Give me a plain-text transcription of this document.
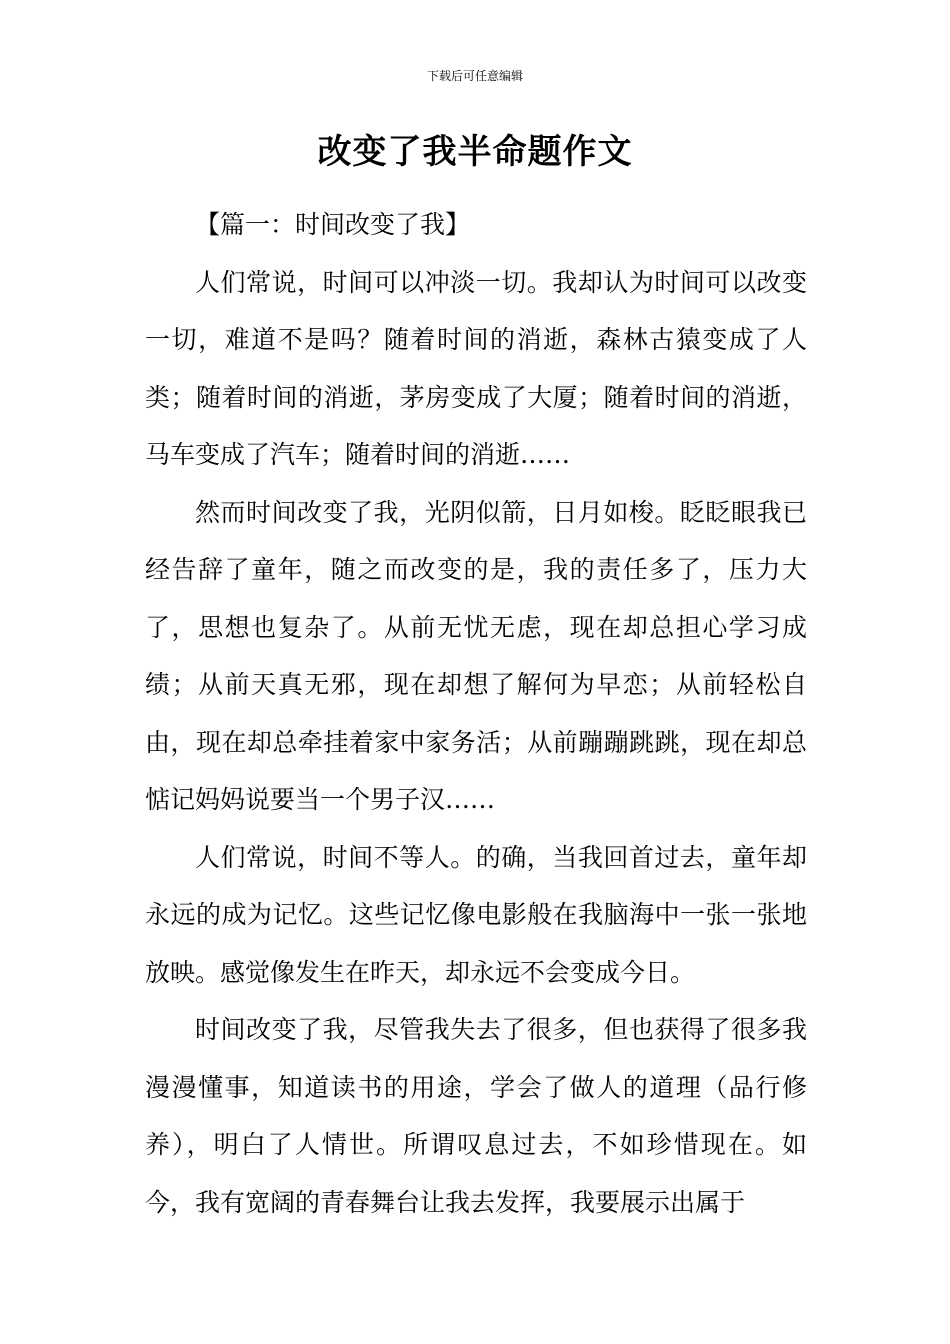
下载后可任意编辑
改变了我半命题作文

【篇一：时间改变了我】

人们常说，时间可以冲淡一切。我却认为时间可以改变一切，难道不是吗？随着时间的消逝，森林古猿变成了人类；随着时间的消逝，茅房变成了大厦；随着时间的消逝，马车变成了汽车；随着时间的消逝……

然而时间改变了我，光阴似箭，日月如梭。眨眨眼我已经告辞了童年，随之而改变的是，我的责任多了，压力大了，思想也复杂了。从前无忧无虑，现在却总担心学习成绩；从前天真无邪，现在却想了解何为早恋；从前轻松自由，现在却总牵挂着家中家务活；从前蹦蹦跳跳，现在却总惦记妈妈说要当一个男子汉……

人们常说，时间不等人。的确，当我回首过去，童年却永远的成为记忆。这些记忆像电影般在我脑海中一张一张地放映。感觉像发生在昨天，却永远不会变成今日。

时间改变了我，尽管我失去了很多，但也获得了很多我漫漫懂事，知道读书的用途，学会了做人的道理（品行修养），明白了人情世。所谓叹息过去，不如珍惜现在。如今，我有宽阔的青春舞台让我去发挥，我要展示出属于
